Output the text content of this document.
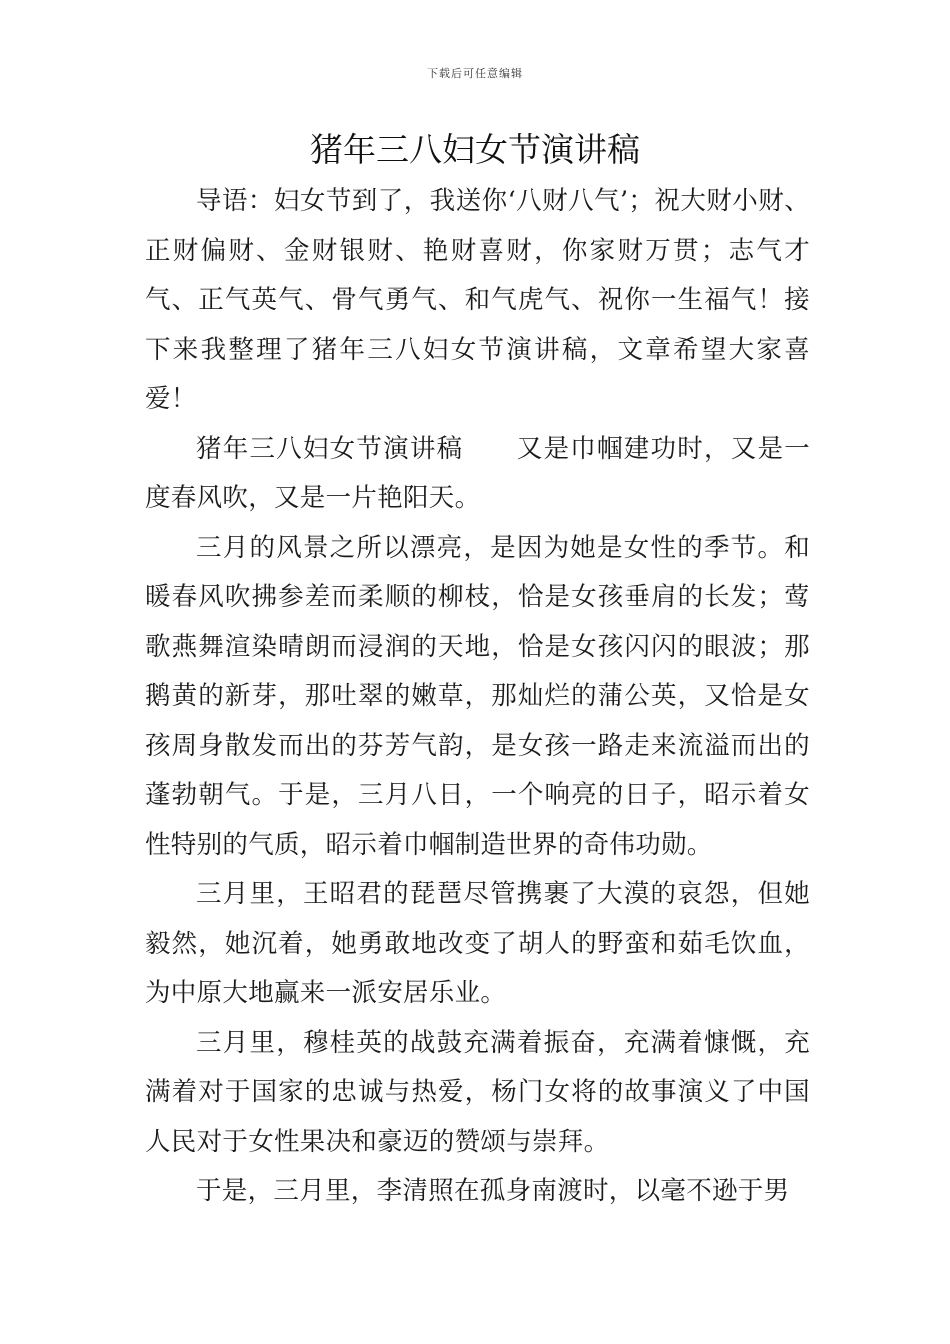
下载后可任意编辑
猪年三八妇女节演讲稿

导语：妇女节到了，我送你‘八财八气’；祝大财小财、正财偏财、金财银财、艳财喜财，你家财万贯；志气才气、正气英气、骨气勇气、和气虎气、祝你一生福气！接下来我整理了猪年三八妇女节演讲稿，文章希望大家喜爱！

猪年三八妇女节演讲稿　　又是巾帼建功时，又是一度春风吹，又是一片艳阳天。

三月的风景之所以漂亮，是因为她是女性的季节。和暖春风吹拂参差而柔顺的柳枝，恰是女孩垂肩的长发；莺歌燕舞渲染晴朗而浸润的天地，恰是女孩闪闪的眼波；那鹅黄的新芽，那吐翠的嫩草，那灿烂的蒲公英，又恰是女孩周身散发而出的芬芳气韵，是女孩一路走来流溢而出的蓬勃朝气。于是，三月八日，一个响亮的日子，昭示着女性特别的气质，昭示着巾帼制造世界的奇伟功勋。

三月里，王昭君的琵琶尽管携裹了大漠的哀怨，但她毅然，她沉着，她勇敢地改变了胡人的野蛮和茹毛饮血，为中原大地赢来一派安居乐业。

三月里，穆桂英的战鼓充满着振奋，充满着慷慨，充满着对于国家的忠诚与热爱，杨门女将的故事演义了中国人民对于女性果决和豪迈的赞颂与崇拜。

于是，三月里，李清照在孤身南渡时，以毫不逊于男
